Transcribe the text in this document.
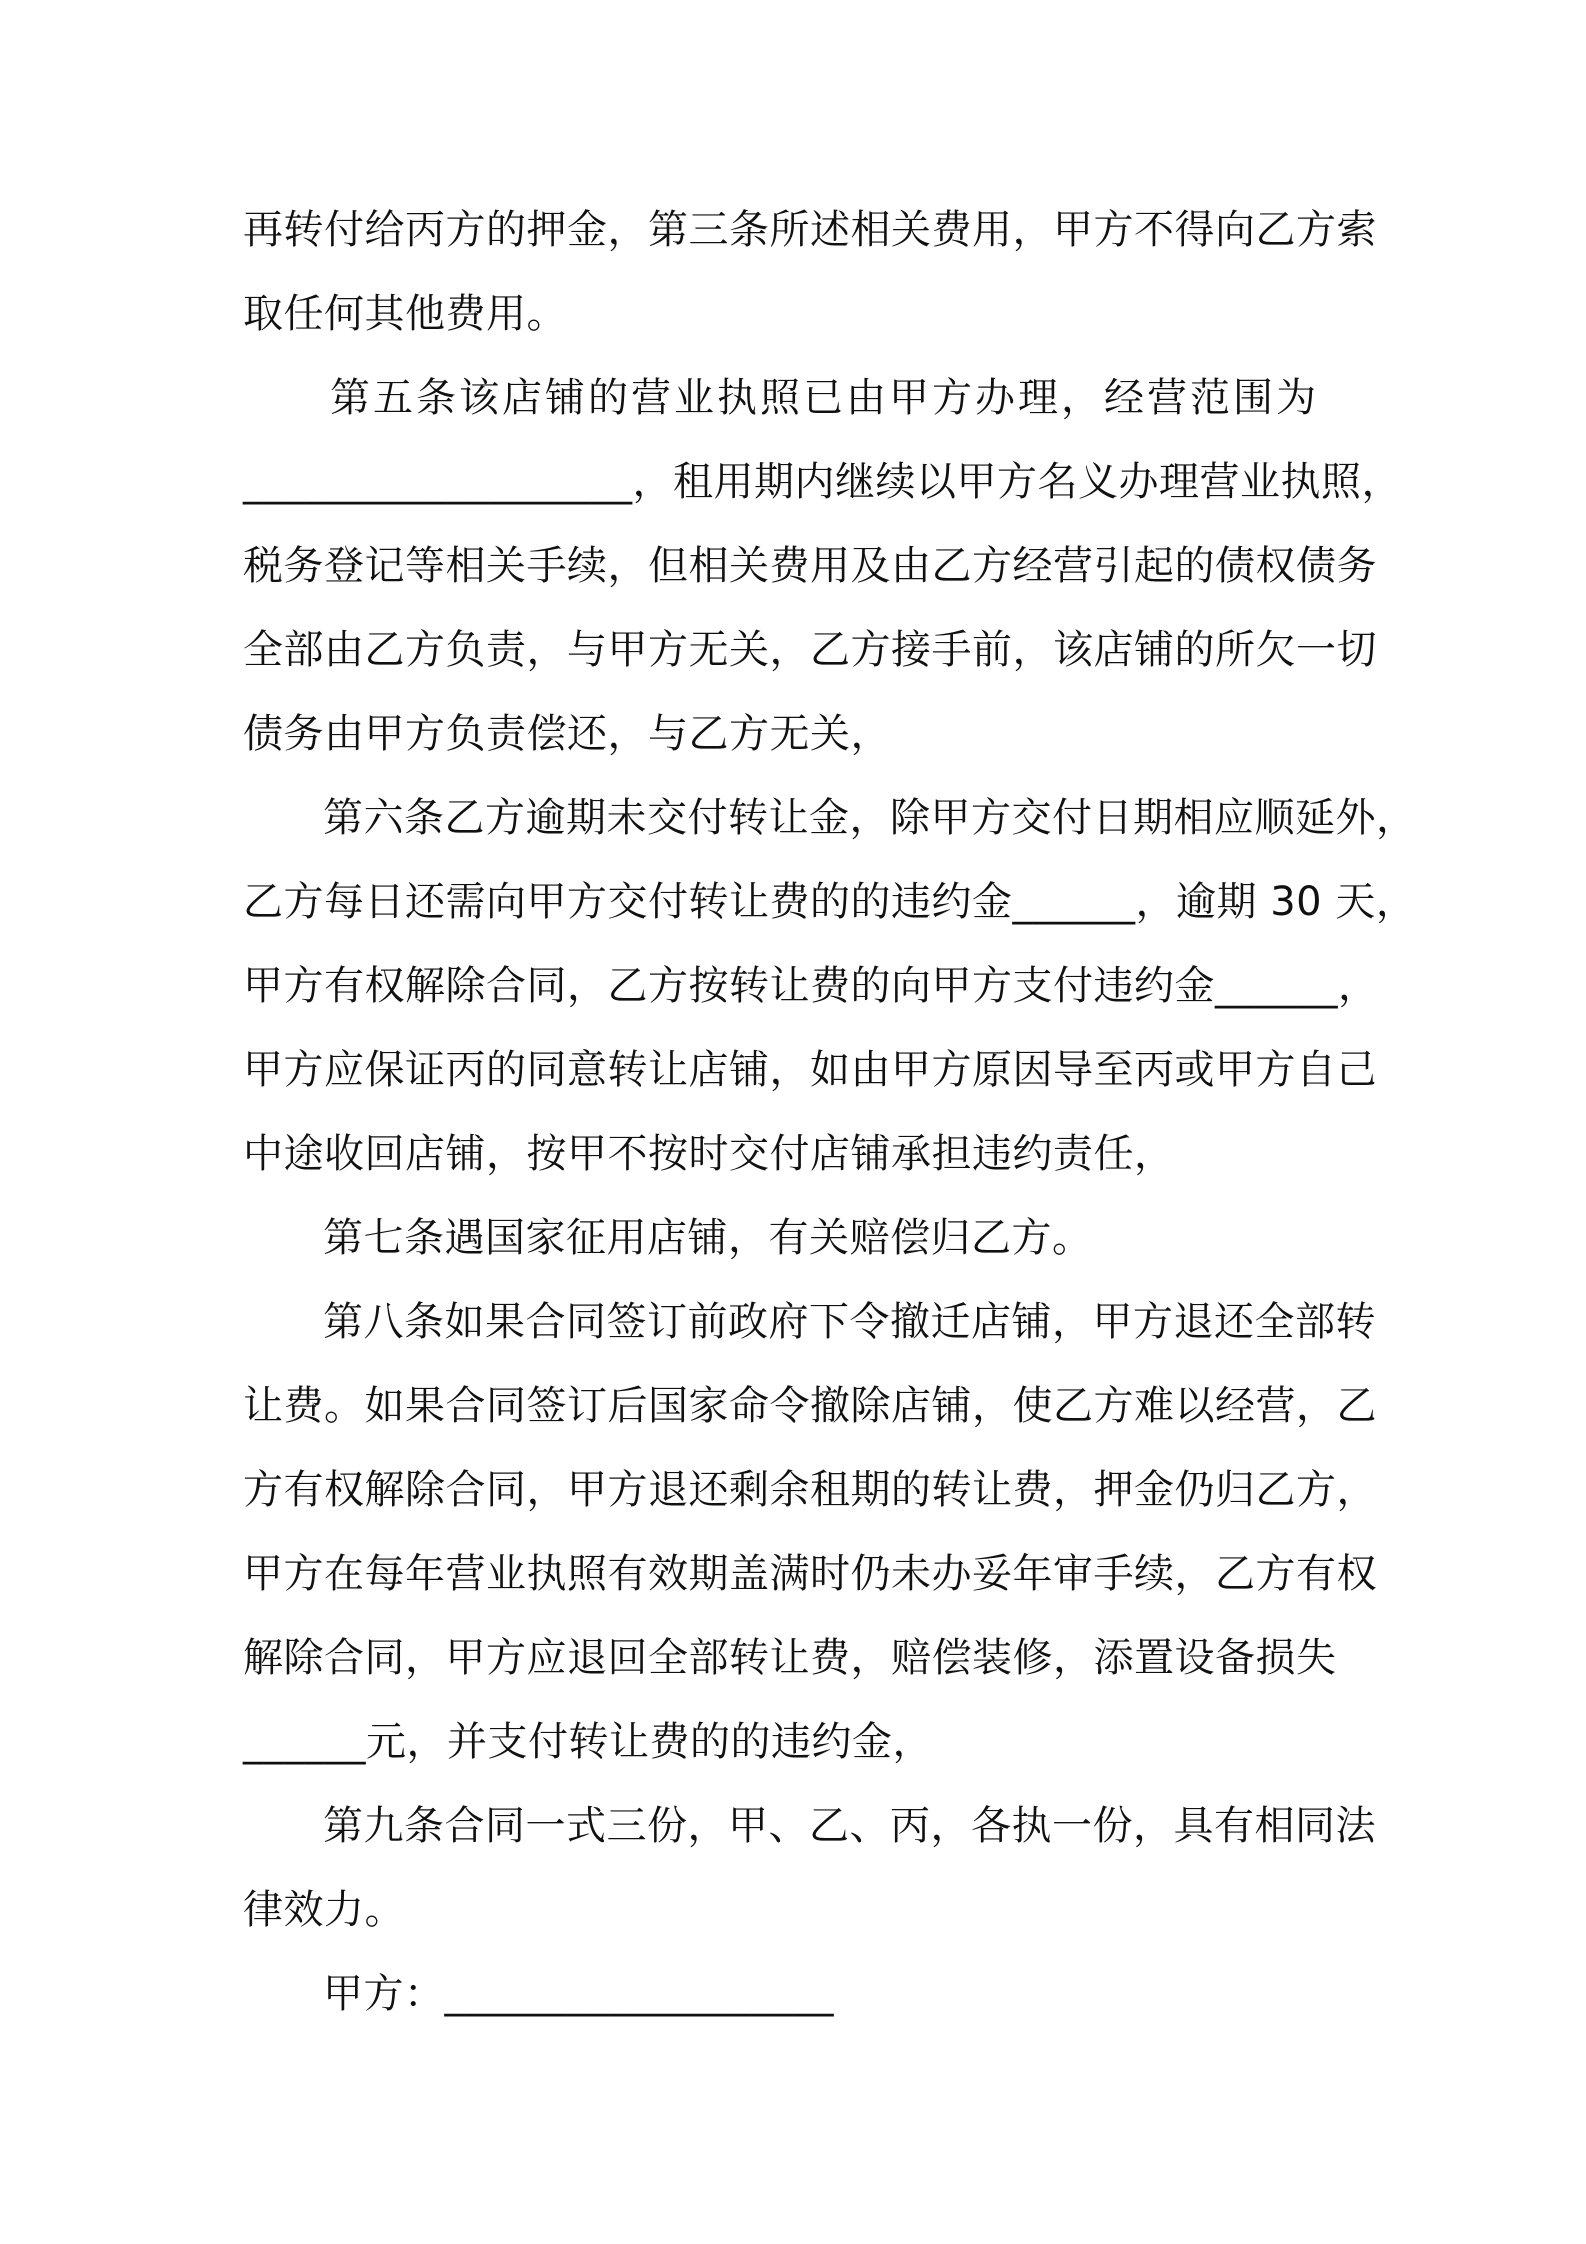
再转付给丙方的押金，第三条所述相关费用，甲方不得向乙方索
取任何其他费用。
第五条该店铺的营业执照已由甲方办理，经营范围为
___________________，租用期内继续以甲方名义办理营业执照，
税务登记等相关手续，但相关费用及由乙方经营引起的债权债务
全部由乙方负责，与甲方无关，乙方接手前，该店铺的所欠一切
债务由甲方负责偿还，与乙方无关，
第六条乙方逾期未交付转让金，除甲方交付日期相应顺延外，
乙方每日还需向甲方交付转让费的的违约金______，逾期 30 天，
甲方有权解除合同，乙方按转让费的向甲方支付违约金______，
甲方应保证丙的同意转让店铺，如由甲方原因导至丙或甲方自己
中途收回店铺，按甲不按时交付店铺承担违约责任，
第七条遇国家征用店铺，有关赔偿归乙方。
第八条如果合同签订前政府下令撤迁店铺，甲方退还全部转
让费。如果合同签订后国家命令撤除店铺，使乙方难以经营，乙
方有权解除合同，甲方退还剩余租期的转让费，押金仍归乙方，
甲方在每年营业执照有效期盖满时仍未办妥年审手续，乙方有权
解除合同，甲方应退回全部转让费，赔偿装修，添置设备损失
______元，并支付转让费的的违约金，
第九条合同一式三份，甲、乙、丙，各执一份，具有相同法
律效力。
甲方：___________________
